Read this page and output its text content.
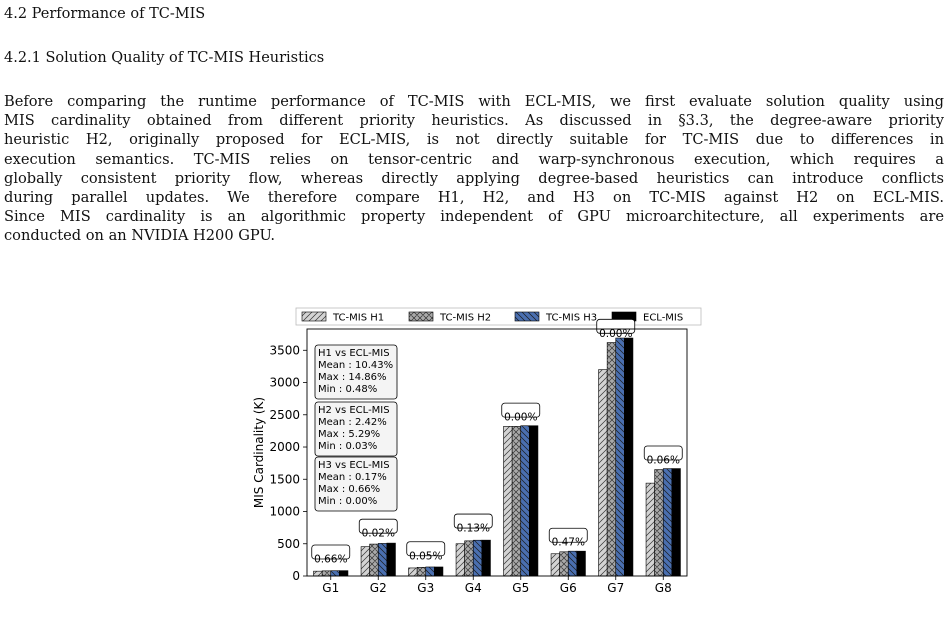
4.2 Performance of TC-MIS
4.2.1 Solution Quality of TC-MIS Heuristics
Before comparing the runtime performance of TC-MIS with ECL-MIS, we first evaluate solution quality using
MIS cardinality obtained from different priority heuristics. As discussed in §3.3, the degree-aware priority
heuristic H2, originally proposed for ECL-MIS, is not directly suitable for TC-MIS due to differences in
execution semantics. TC-MIS relies on tensor-centric and warp-synchronous execution, which requires a
globally consistent priority flow, whereas directly applying degree-based heuristics can introduce conflicts
during parallel updates. We therefore compare H1, H2, and H3 on TC-MIS against H2 on ECL-MIS.
Since MIS cardinality is an algorithmic property independent of GPU microarchitecture, all experiments are
conducted on an NVIDIA H200 GPU.
TC-MIS H1	TC-MIS H2	TC-MIS H3	ECL-MIS
G1
0.66%
G2
0.02%
G3
0.05%
G4
0.13%
G5
0.00%
G6
0.47%
G7
0.00%
G8
0.06%
0
500
1000
1500
2000
2500
3000
3500
MIS Cardinality (K)
H1 vs ECL-MIS
Mean : 10.43%
Max : 14.86%
Min : 0.48%
H2 vs ECL-MIS
Mean : 2.42%
Max : 5.29%
Min : 0.03%
H3 vs ECL-MIS
Mean : 0.17%
Max : 0.66%
Min : 0.00%
